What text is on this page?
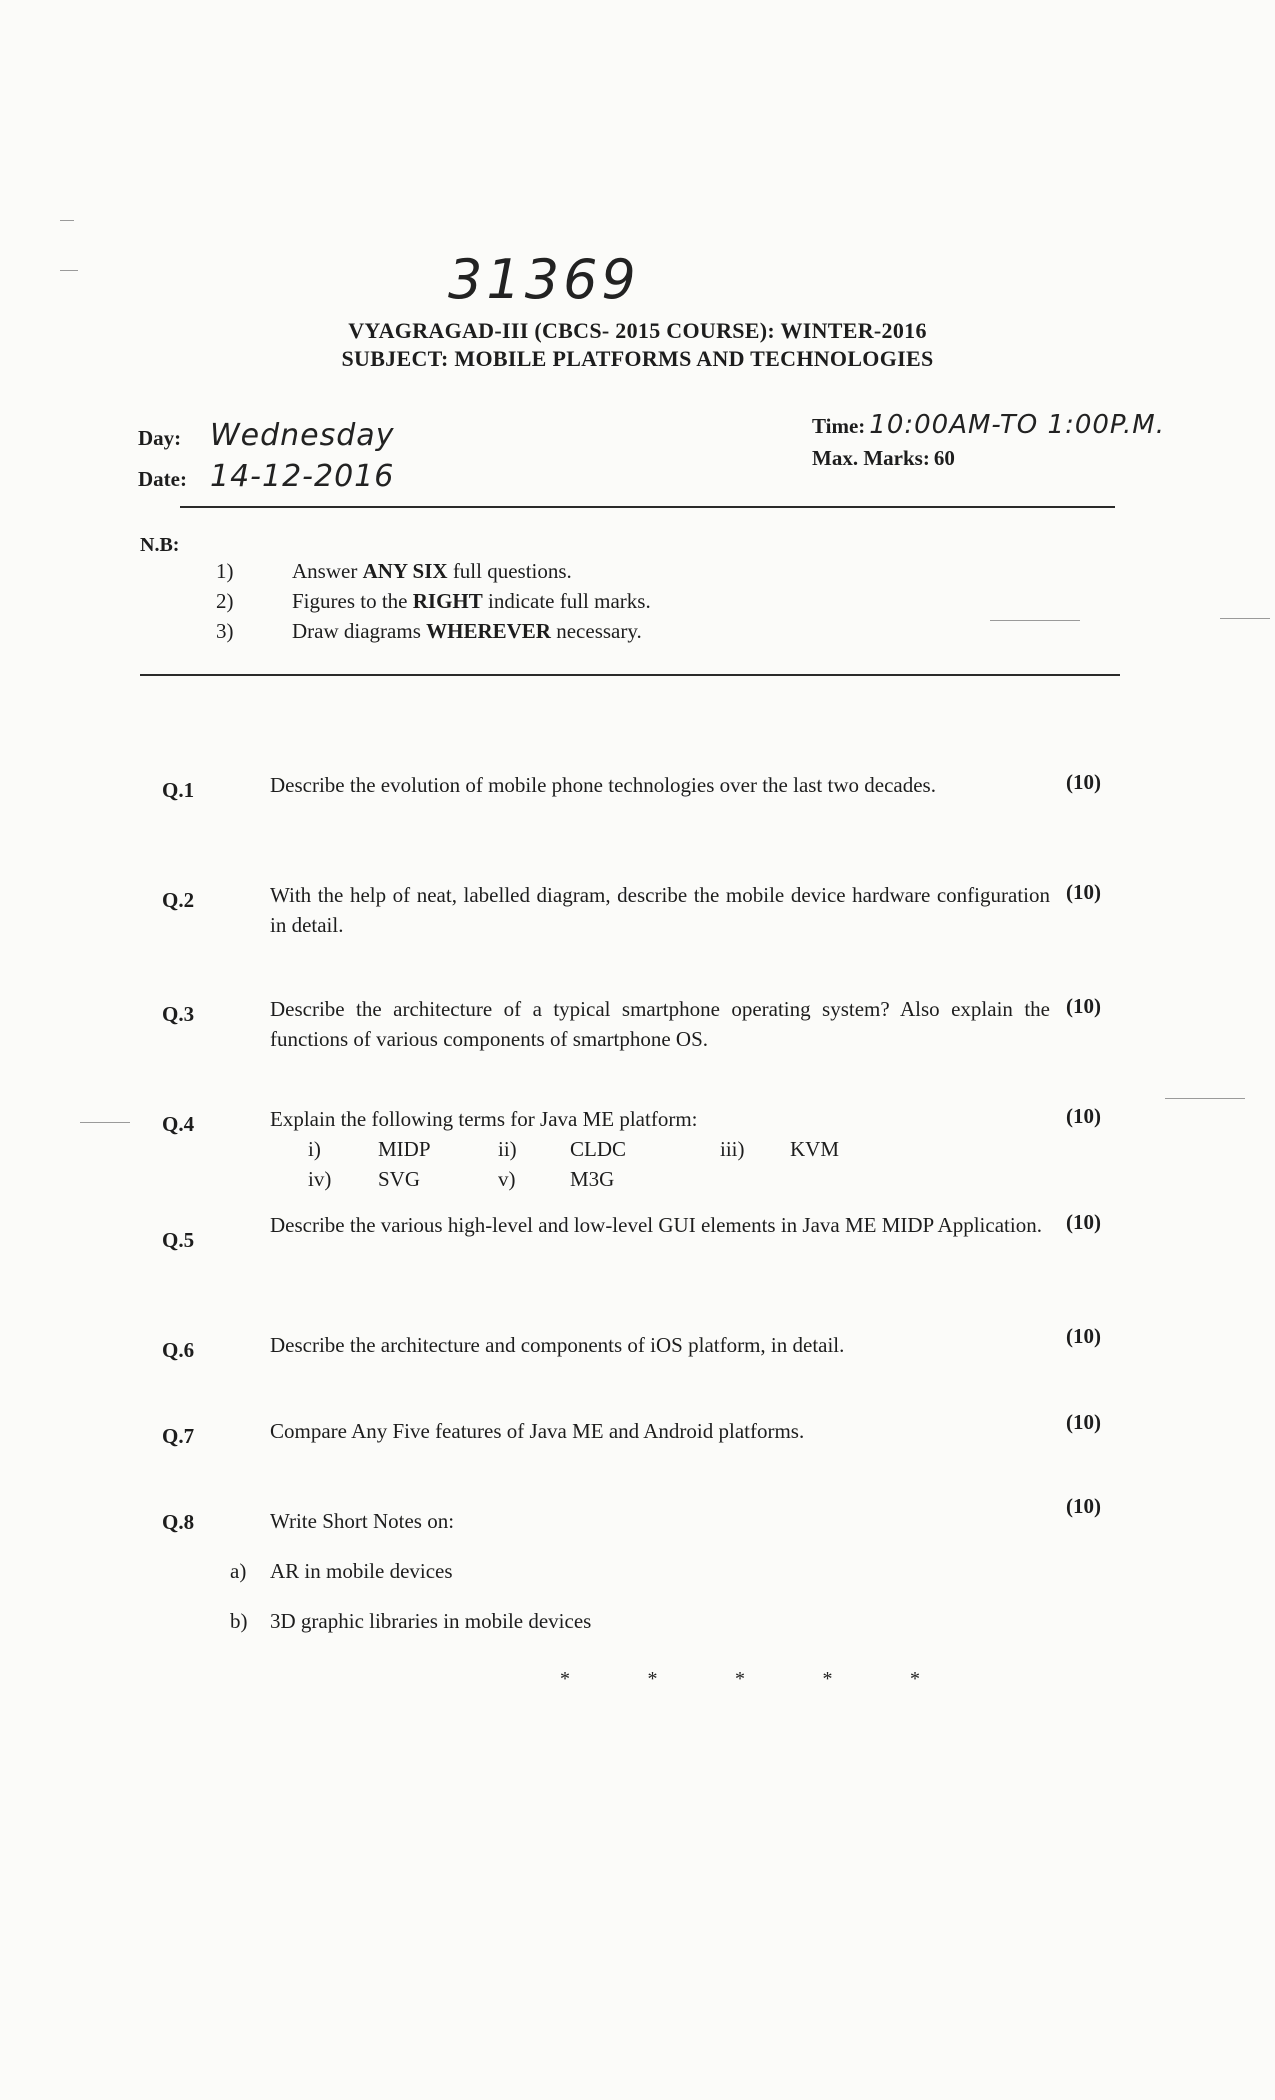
31369
VYAGRAGAD-III (CBCS- 2015 COURSE): WINTER-2016
SUBJECT: MOBILE PLATFORMS AND TECHNOLOGIES
Day: Wednesday
Date: 14-12-2016
Time: 10:00AM-TO 1:00P.M.
Max. Marks: 60
N.B:
1)	Answer ANY SIX full questions.
2)	Figures to the RIGHT indicate full marks.
3)	Draw diagrams WHEREVER necessary.
Q.1	Describe the evolution of mobile phone technologies over the last two decades.	(10)
Q.2	With the help of neat, labelled diagram, describe the mobile device hardware configuration in detail.
(10)
Q.3	Describe the architecture of a typical smartphone operating system? Also explain the functions of various components of smartphone OS.
(10)
Q.4	Explain the following terms for Java ME platform:
i)	MIDP	ii)	CLDC	iii)	KVM
iv)	SVG	v)	M3G
(10)
Q.5
Describe the various high-level and low-level GUI elements in Java ME MIDP Application.	(10)
Q.6	Describe the architecture and components of iOS platform, in detail.	(10)
Q.7	Compare Any Five features of Java ME and Android platforms.	(10)
Q.8	Write Short Notes on:
a)	AR in mobile devices
b)	3D graphic libraries in mobile devices
(10)
*	*	*	*	*
